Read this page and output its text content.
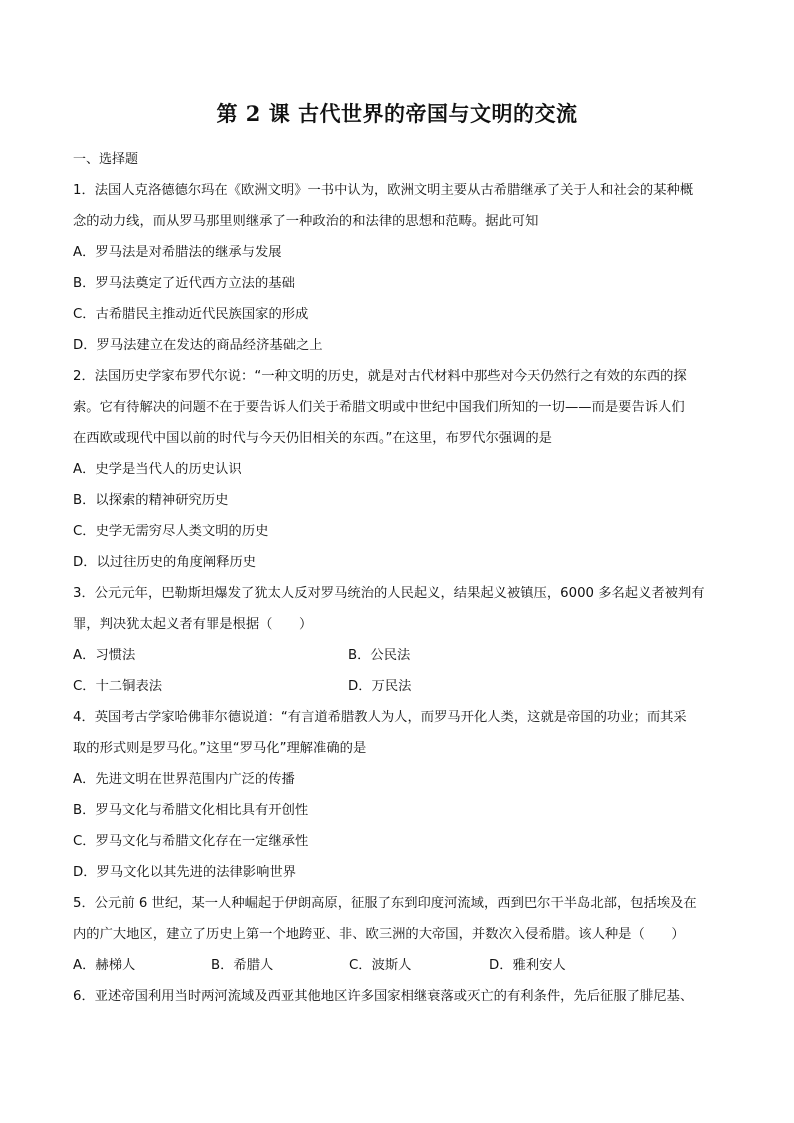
第 2 课 古代世界的帝国与文明的交流
一、选择题
1．法国人克洛德德尔玛在《欧洲文明》一书中认为，欧洲文明主要从古希腊继承了关于人和社会的某种概
念的动力线，而从罗马那里则继承了一种政治的和法律的思想和范畴。据此可知
A．罗马法是对希腊法的继承与发展
B．罗马法奠定了近代西方立法的基础
C．古希腊民主推动近代民族国家的形成
D．罗马法建立在发达的商品经济基础之上
2．法国历史学家布罗代尔说：“一种文明的历史，就是对古代材料中那些对今天仍然行之有效的东西的探
索。它有待解决的问题不在于要告诉人们关于希腊文明或中世纪中国我们所知的一切——而是要告诉人们
在西欧或现代中国以前的时代与今天仍旧相关的东西。”在这里，布罗代尔强调的是
A．史学是当代人的历史认识
B．以探索的精神研究历史
C．史学无需穷尽人类文明的历史
D．以过往历史的角度阐释历史
3．公元元年，巴勒斯坦爆发了犹太人反对罗马统治的人民起义，结果起义被镇压，6000 多名起义者被判有
罪，判决犹太起义者有罪是根据（　　）
A．习惯法	B．公民法
C．十二铜表法	D．万民法
4．英国考古学家哈佛菲尔德说道：“有言道希腊教人为人，而罗马开化人类，这就是帝国的功业；而其采
取的形式则是罗马化。”这里“罗马化”理解准确的是
A．先进文明在世界范围内广泛的传播
B．罗马文化与希腊文化相比具有开创性
C．罗马文化与希腊文化存在一定继承性
D．罗马文化以其先进的法律影响世界
5．公元前 6 世纪，某一人种崛起于伊朗高原，征服了东到印度河流域，西到巴尔干半岛北部，包括埃及在
内的广大地区，建立了历史上第一个地跨亚、非、欧三洲的大帝国，并数次入侵希腊。该人种是（　　）
A．赫梯人	B．希腊人	C．波斯人	D．雅利安人
6．亚述帝国利用当时两河流域及西亚其他地区许多国家相继衰落或灭亡的有利条件，先后征服了腓尼基、
